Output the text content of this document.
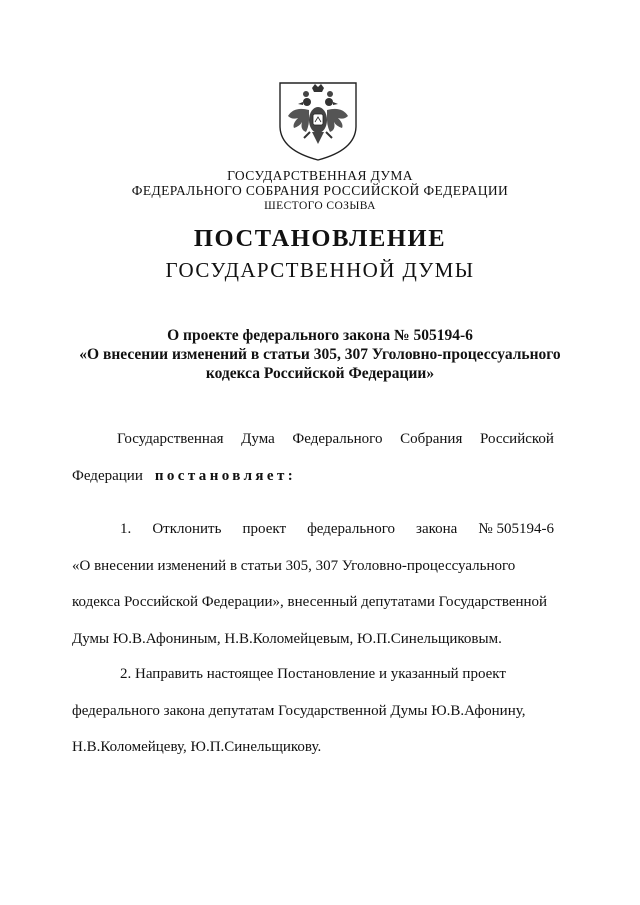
ГОСУДАРСТВЕННАЯ ДУМА
ФЕДЕРАЛЬНОГО СОБРАНИЯ РОССИЙСКОЙ ФЕДЕРАЦИИ
ШЕСТОГО СОЗЫВА
ПОСТАНОВЛЕНИЕ
ГОСУДАРСТВЕННОЙ ДУМЫ
О проекте федерального закона № 505194-6
«О внесении изменений в статьи 305, 307 Уголовно-процессуального
кодекса Российской Федерации»
Государственная Дума Федерального Собрания Российской
Федерации постановляет:
1. Отклонить проект федерального закона № 505194-6
«О внесении изменений в статьи 305, 307 Уголовно-процессуального
кодекса Российской Федерации», внесенный депутатами Государственной
Думы Ю.В.Афониным, Н.В.Коломейцевым, Ю.П.Синельщиковым.
2. Направить настоящее Постановление и указанный проект
федерального закона депутатам Государственной Думы Ю.В.Афонину,
Н.В.Коломейцеву, Ю.П.Синельщикову.
